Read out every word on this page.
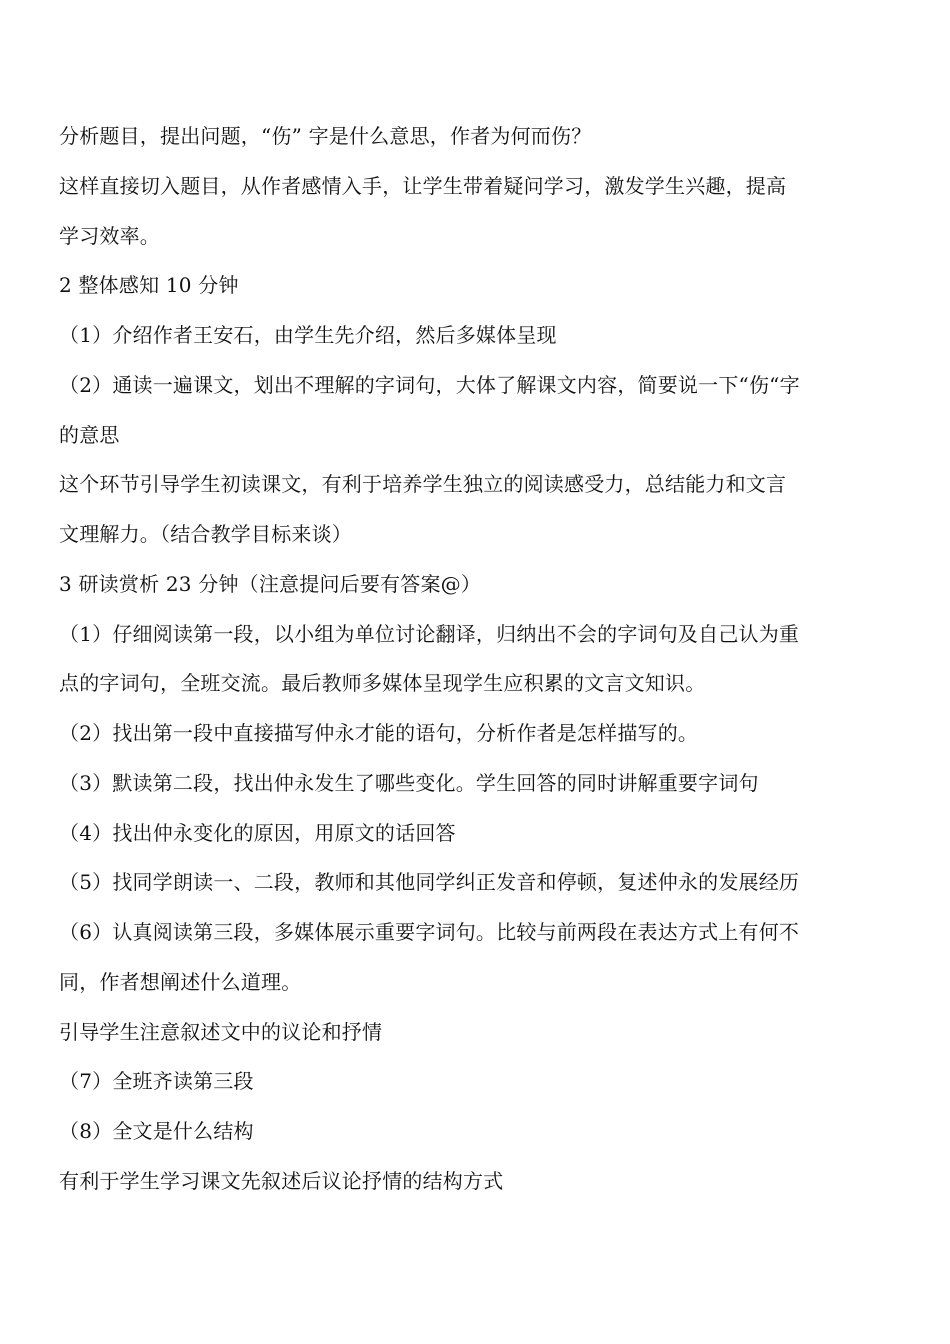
分析题目，提出问题，“伤” 字是什么意思，作者为何而伤？
这样直接切入题目，从作者感情入手，让学生带着疑问学习，激发学生兴趣，提高
学习效率。
2 整体感知 10 分钟
（1）介绍作者王安石，由学生先介绍，然后多媒体呈现
（2）通读一遍课文，划出不理解的字词句，大体了解课文内容，简要说一下“伤“字
的意思
这个环节引导学生初读课文，有利于培养学生独立的阅读感受力，总结能力和文言
文理解力。（结合教学目标来谈）
3 研读赏析 23 分钟（注意提问后要有答案@）
（1）仔细阅读第一段，以小组为单位讨论翻译，归纳出不会的字词句及自己认为重
点的字词句，全班交流。最后教师多媒体呈现学生应积累的文言文知识。
（2）找出第一段中直接描写仲永才能的语句，分析作者是怎样描写的。
（3）默读第二段，找出仲永发生了哪些变化。学生回答的同时讲解重要字词句
（4）找出仲永变化的原因，用原文的话回答
（5）找同学朗读一、二段，教师和其他同学纠正发音和停顿，复述仲永的发展经历
（6）认真阅读第三段，多媒体展示重要字词句。比较与前两段在表达方式上有何不
同，作者想阐述什么道理。
引导学生注意叙述文中的议论和抒情
（7）全班齐读第三段
（8）全文是什么结构
有利于学生学习课文先叙述后议论抒情的结构方式
